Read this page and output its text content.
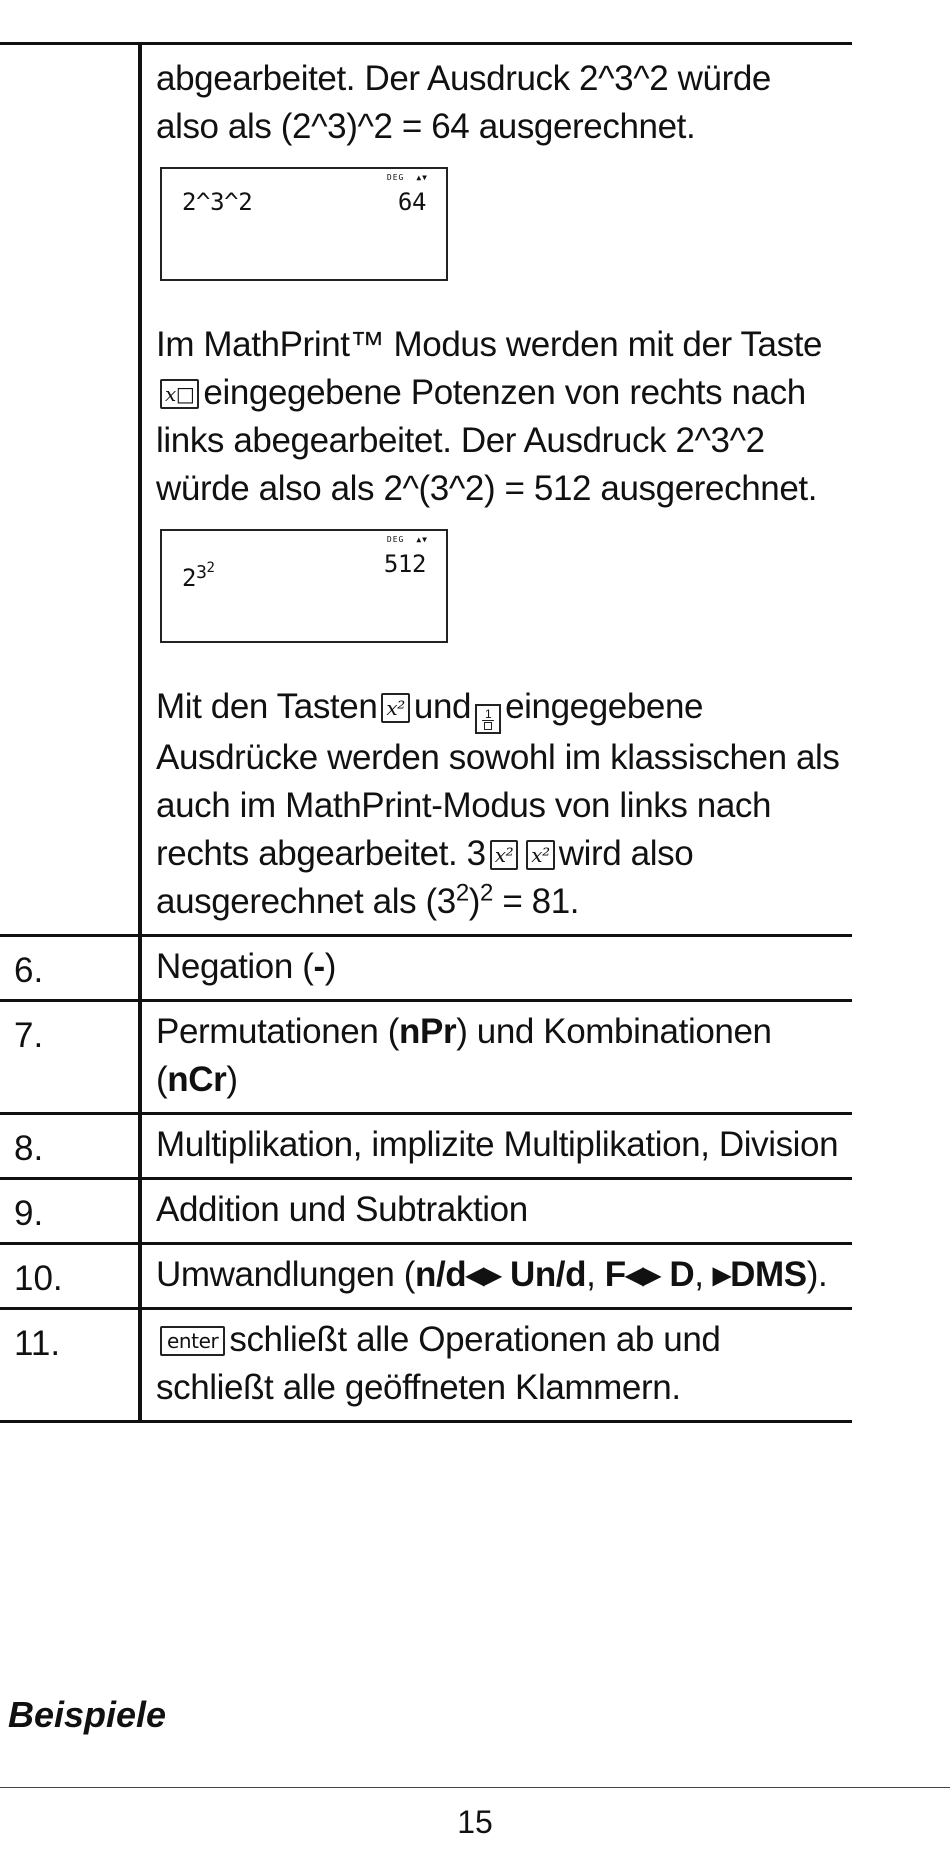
abgearbeitet. Der Ausdruck 2^3^2 würde also als (2^3)^2 = 64 ausgerechnet.

DEG ▲▼
2^3^2	64

Im MathPrint™ Modus werden mit der Tastex□ eingegebene Potenzen von rechts nach links abegearbeitet. Der Ausdruck 2^3^2 würde also als 2^(3^2) = 512 ausgerechnet.

DEG ▲▼
$2^{32}$	512

Mit den Tasten x² und 1 eingegebene Ausdrücke werden sowohl im klassischen als auch im MathPrint-Modus von links nach rechts abgearbeitet. 3 x² x² wird also ausgerechnet als $(3^2)^2 = 81$.

6.	Negation (-)
7.	Permutationen (nPr) und Kombinationen (nCr)
8.	Multiplikation, implizite Multiplikation, Division
9.	Addition und Subtraktion
10.	Umwandlungen (n/d◂▸ Un/d, F◂▸ D, ▸DMS).
11.	enter schließt alle Operationen ab und schließt alle geöffneten Klammern.
Beispiele
15
